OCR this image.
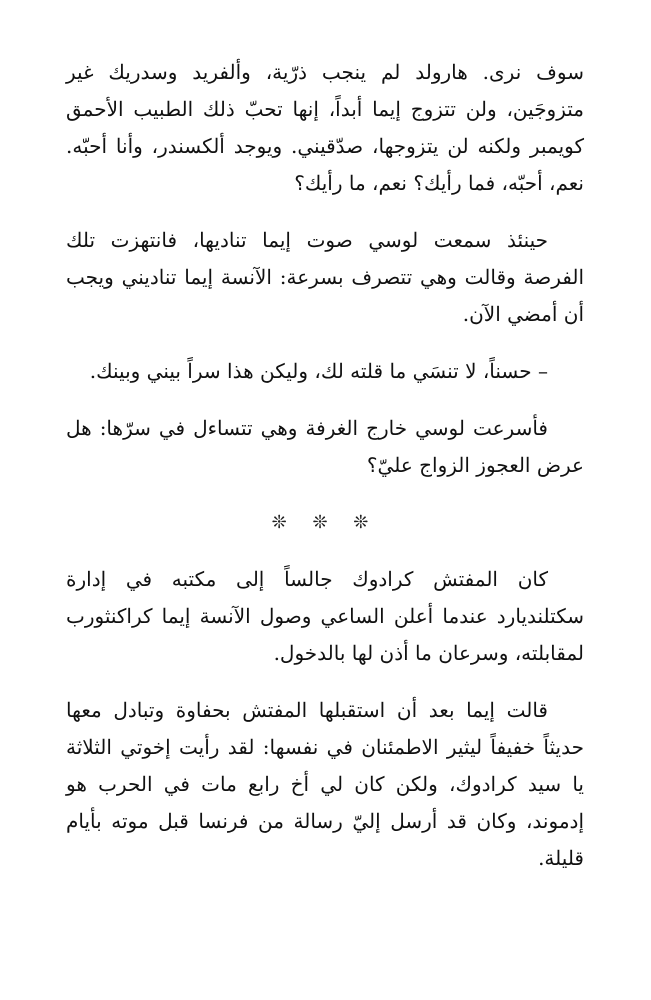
سوف نرى. هارولد لم ينجب ذرّية، وألفريد وسدريك غير متزوجَين، ولن تتزوج إيما أبداً، إنها تحبّ ذلك الطبيب الأحمق كويمبر ولكنه لن يتزوجها، صدّقيني. ويوجد ألكسندر، وأنا أحبّه. نعم، أحبّه، فما رأيك؟ نعم، ما رأيك؟

حينئذ سمعت لوسي صوت إيما تناديها، فانتهزت تلك الفرصة وقالت وهي تتصرف بسرعة: الآنسة إيما تناديني ويجب أن أمضي الآن.

– حسناً، لا تنسَي ما قلته لك، وليكن هذا سراً بيني وبينك.

فأسرعت لوسي خارج الغرفة وهي تتساءل في سرّها: هل عرض العجوز الزواج عليّ؟

❊ ❊ ❊

كان المفتش كرادوك جالساً إلى مكتبه في إدارة سكتلنديارد عندما أعلن الساعي وصول الآنسة إيما كراكنثورب لمقابلته، وسرعان ما أذن لها بالدخول.

قالت إيما بعد أن استقبلها المفتش بحفاوة وتبادل معها حديثاً خفيفاً ليثير الاطمئنان في نفسها: لقد رأيت إخوتي الثلاثة يا سيد كرادوك، ولكن كان لي أخ رابع مات في الحرب هو إدموند، وكان قد أرسل إليّ رسالة من فرنسا قبل موته بأيام قليلة.
